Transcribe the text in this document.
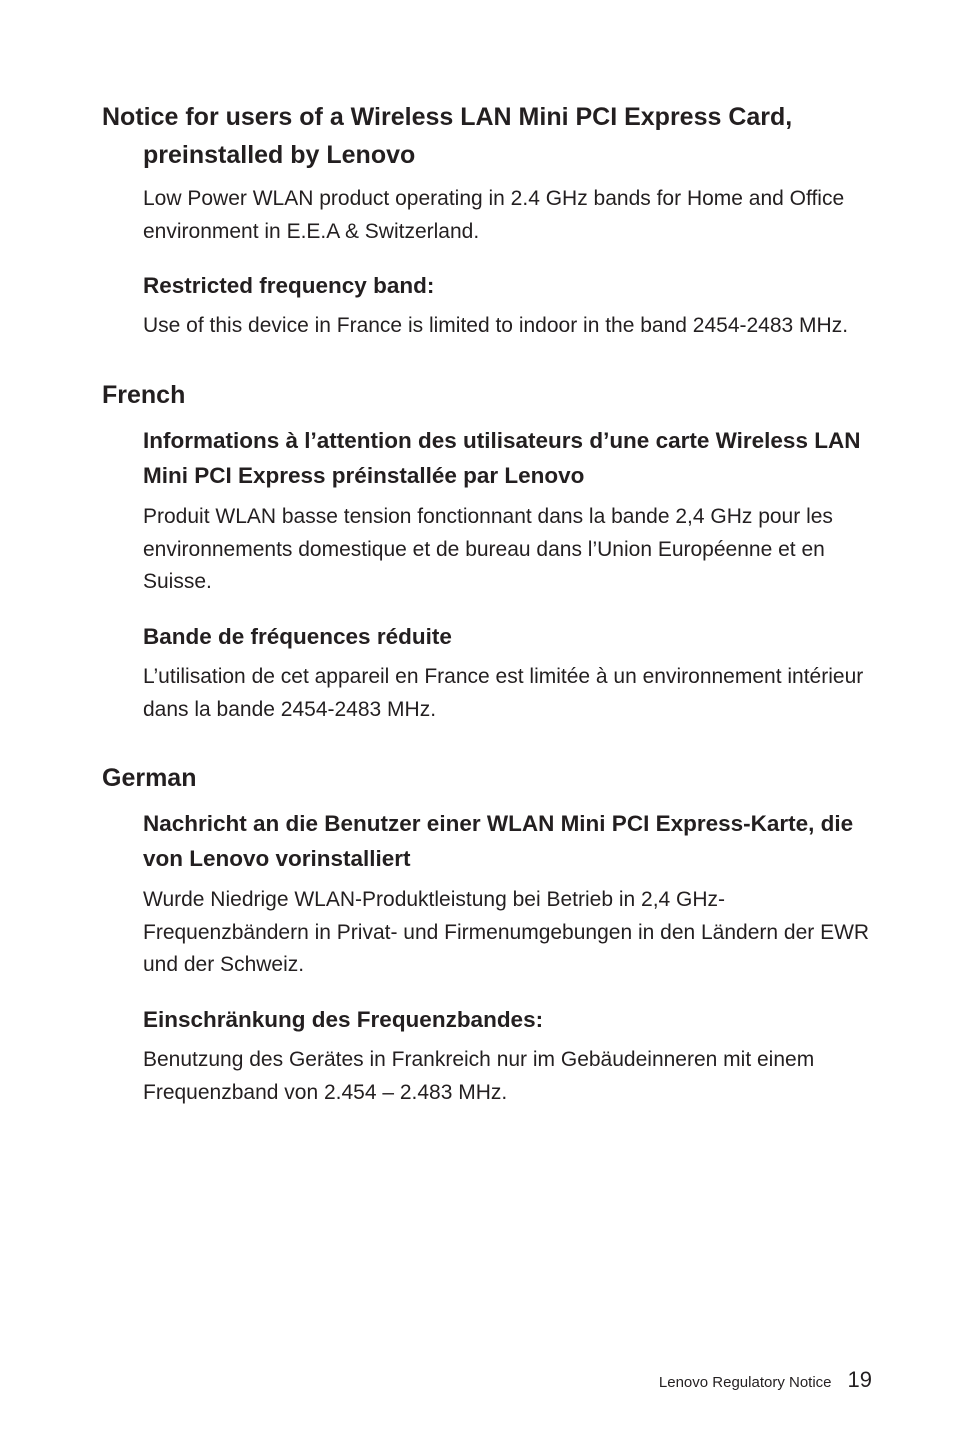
Notice for users of a Wireless LAN Mini PCI Express Card,
preinstalled by Lenovo

Low Power WLAN product operating in 2.4 GHz bands for Home and Office environment in E.E.A & Switzerland.

Restricted frequency band:

Use of this device in France is limited to indoor in the band 2454-2483 MHz.

French
Informations à l’attention des utilisateurs d’une carte Wireless LAN Mini PCI Express préinstallée par Lenovo

Produit WLAN basse tension fonctionnant dans la bande 2,4 GHz pour les environnements domestique et de bureau dans l’Union Européenne et en Suisse.

Bande de fréquences réduite

L’utilisation de cet appareil en France est limitée à un environnement intérieur dans la bande 2454-2483 MHz.

German
Nachricht an die Benutzer einer WLAN Mini PCI Express-Karte, die von Lenovo vorinstalliert

Wurde Niedrige WLAN-Produktleistung bei Betrieb in 2,4 GHz-Frequenzbändern in Privat- und Firmenumgebungen in den Ländern der EWR und der Schweiz.

Einschränkung des Frequenzbandes:

Benutzung des Gerätes in Frankreich nur im Gebäudeinneren mit einem Frequenzband von 2.454 – 2.483 MHz.

Lenovo Regulatory Notice 19
